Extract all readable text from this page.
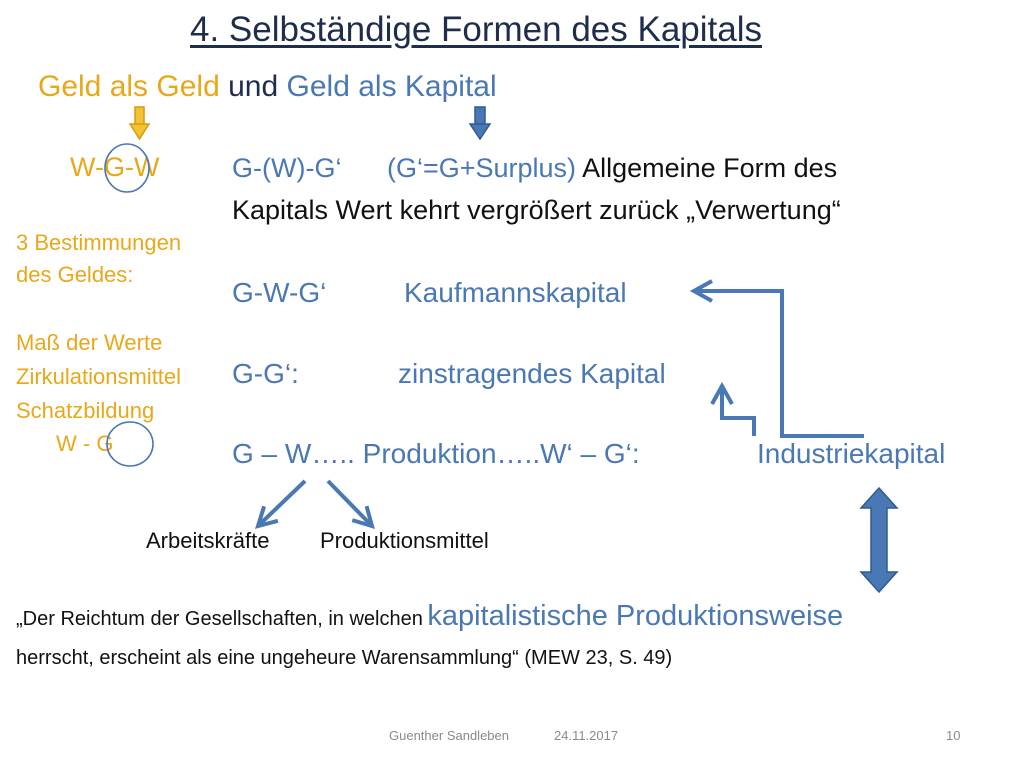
4. Selbständige Formen des Kapitals
Geld als Geld und Geld als Kapital
W-G-W
3 Bestimmungen
des Geldes:
Maß der Werte
Zirkulationsmittel
Schatzbildung
W - G
G-(W)-G‘ (G‘=G+Surplus) Allgemeine Form des
Kapitals Wert kehrt vergrößert zurück „Verwertung“
G-W-G‘	Kaufmannskapital
G-G‘:	zinstragendes Kapital
G – W….. Produktion…..W‘ – G‘:	Industriekapital
Arbeitskräfte Produktionsmittel
„Der Reichtum der Gesellschaften, in welchen kapitalistische Produktionsweise
herrscht, erscheint als eine ungeheure Warensammlung“ (MEW 23, S. 49)
Guenther Sandleben	24.11.2017	10
